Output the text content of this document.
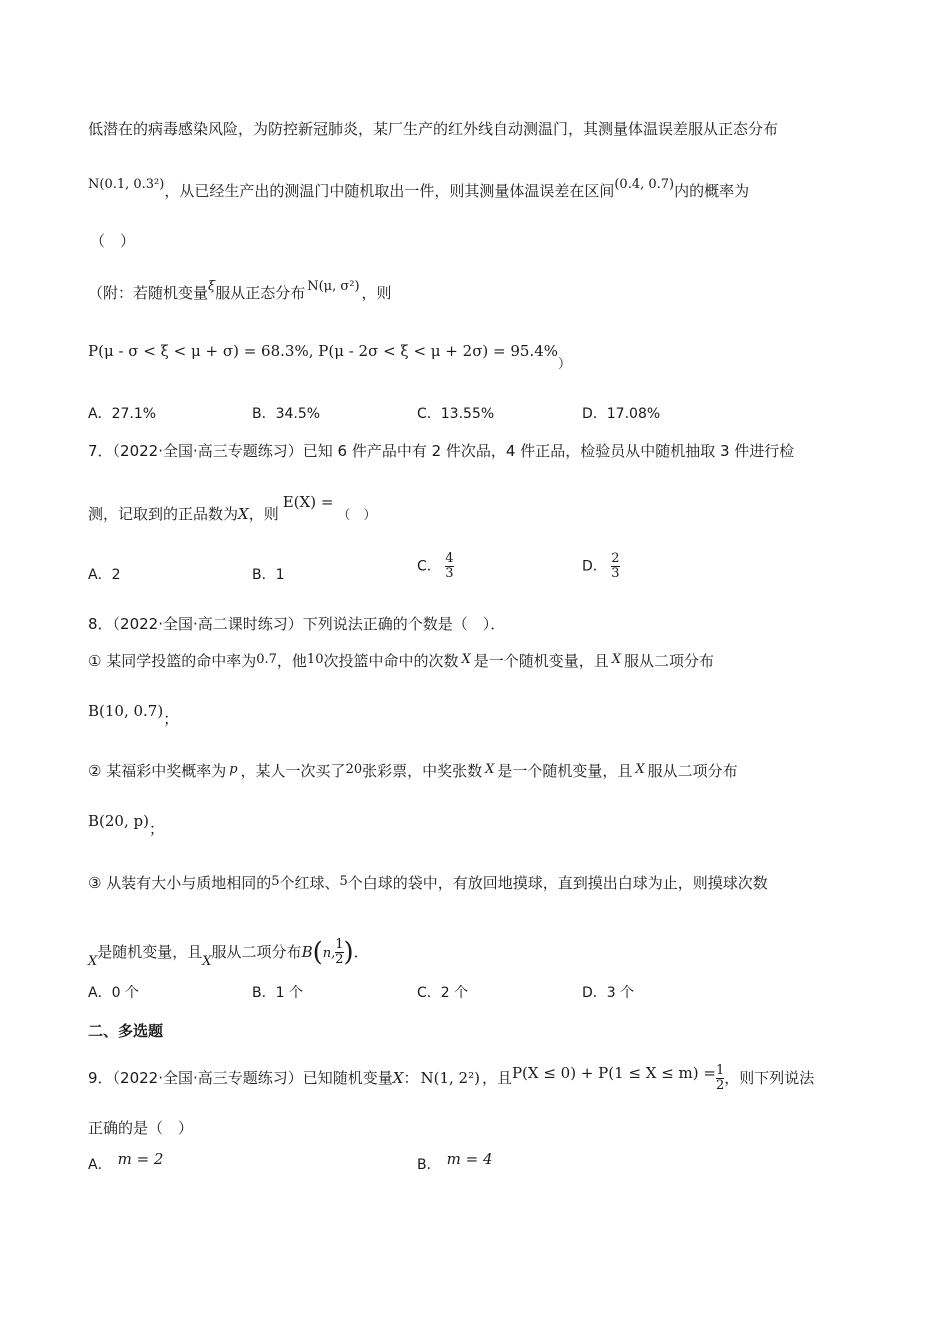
低潜在的病毒感染风险，为防控新冠肺炎，某厂生产的红外线自动测温门，其测量体温误差服从正态分布
N(0.1, 0.3²)，从已经生产出的测温门中随机取出一件，则其测量体温误差在区间(0.4, 0.7)内的概率为
（　）
（附：若随机变量ξ服从正态分布 N(μ, σ²) ，则
P(μ - σ < ξ < μ + σ) = 68.3%, P(μ - 2σ < ξ < μ + 2σ) = 95.4%）
A．27.1%	B．34.5%	C．13.55%	D．17.08%
7．（2022·全国·高三专题练习）已知 6 件产品中有 2 件次品，4 件正品，检验员从中随机抽取 3 件进行检
测，记取到的正品数为X，则E(X) =（　）
A．2	B．1
C． $\frac{4}{3}$	D． $\frac{2}{3}$
8．（2022·全国·高二课时练习）下列说法正确的个数是（　）．
① 某同学投篮的命中率为0.7，他10次投篮中命中的次数 X 是一个随机变量，且 X 服从二项分布
B(10, 0.7)；
② 某福彩中奖概率为 p ，某人一次买了20张彩票，中奖张数 X 是一个随机变量，且 X 服从二项分布
B(20, p)；
③ 从装有大小与质地相同的5个红球、5个白球的袋中，有放回地摸球，直到摸出白球为止，则摸球次数
X是随机变量，且X服从二项分布B(n, $\frac{1}{2}$ )．
A．0 个	B．1 个	C．2 个	D．3 个
二、多选题
9．（2022·全国·高三专题练习）已知随机变量X： N(1, 2²) ，且$P(X \le 0) + P(1 \le X \le m) = \frac{1}{2}$ ，则下列说法
正确的是（　）
A． m = 2	B． m = 4
